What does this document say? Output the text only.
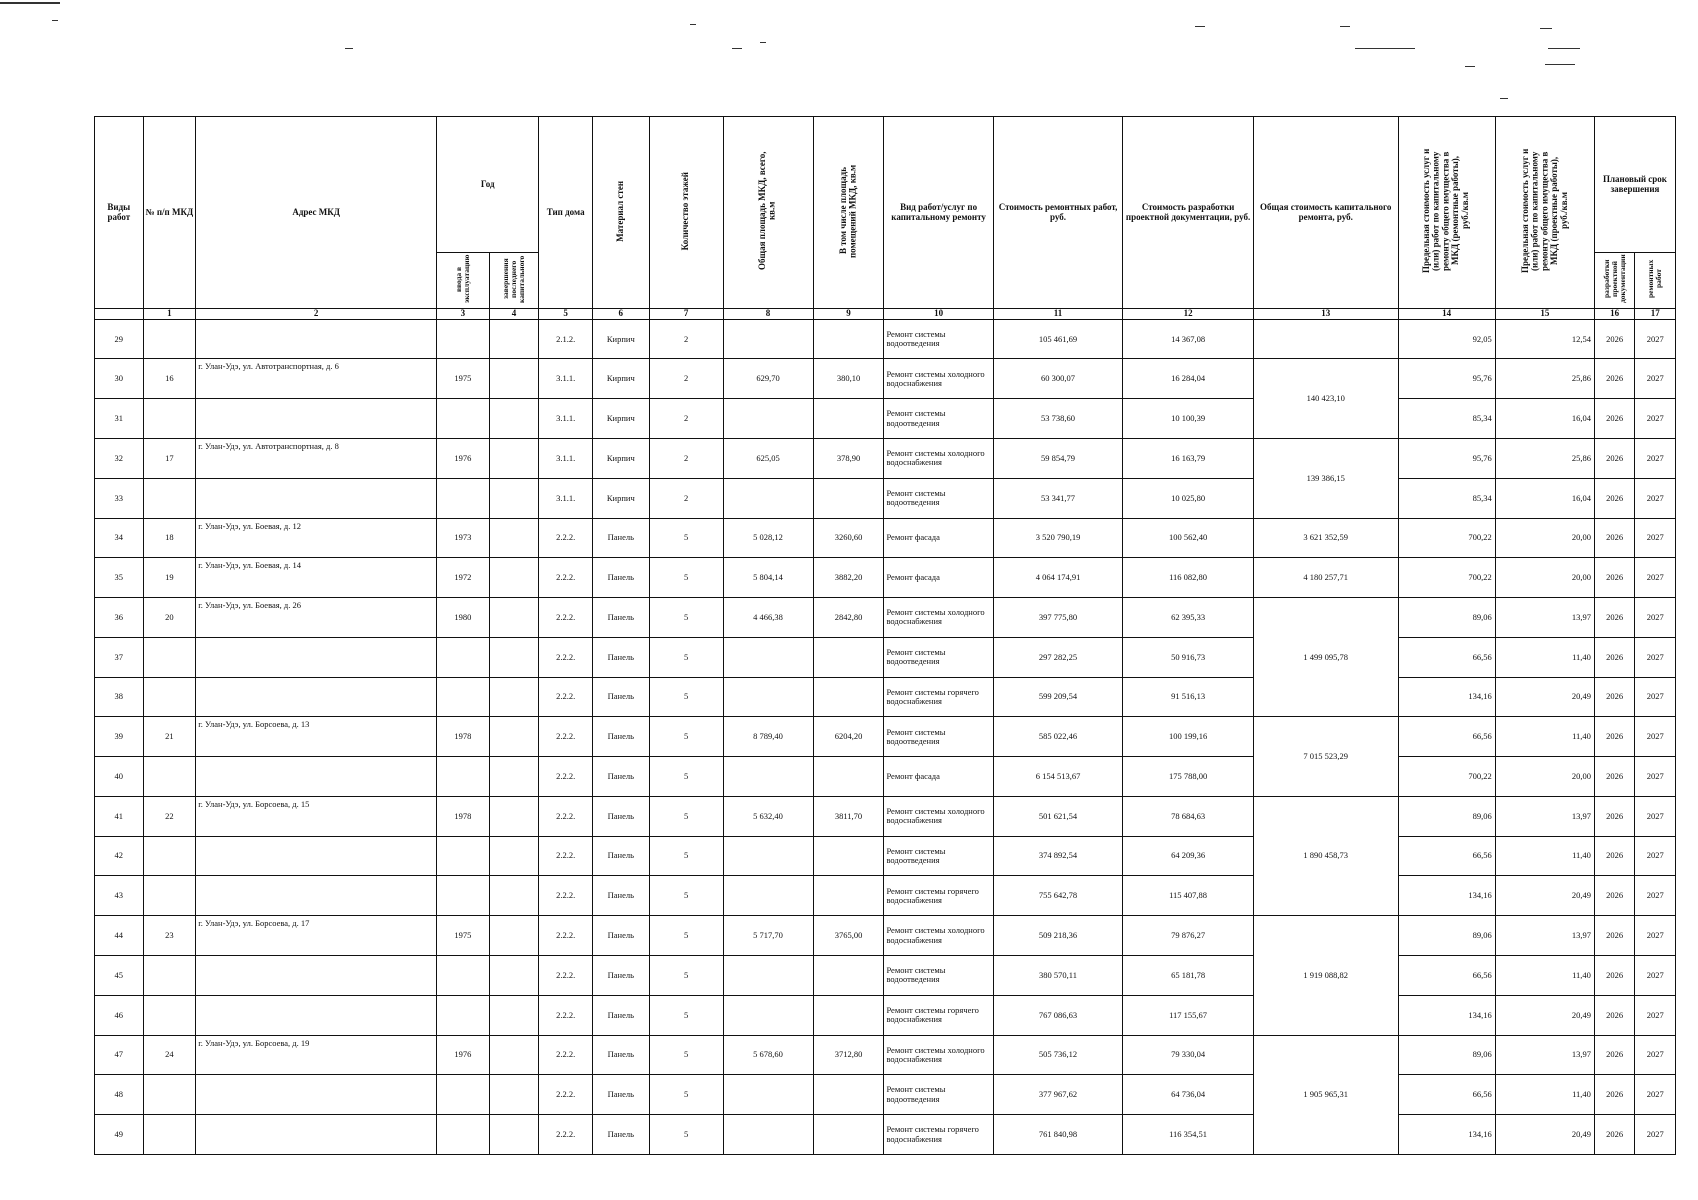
Виды работ	№ п/п МКД	Адрес МКД	Год		Тип дома	Материал стен	Количество этажей	Общая площадь МКД, всего, кв.м	В том числе площадь помещений МКД, кв.м	Вид работ/услуг по капитальному ремонту	Стоимость ремонтных работ, руб.	Стоимость разработки проектной документации, руб.	Общая стоимость капитального ремонта, руб.	Предельная стоимость услуг и (или) работ по капитальному ремонту общего имущества в МКД (ремонтные работы), руб./кв.м	Предельная стоимость услуг и (или) работ по капитальному ремонту общего имущества в МКД (проектные работы), руб./кв.м	Плановый срок завершения	
			ввода в эксплуатацию	завершения последнего капитального												разработки проектной документации	ремонтных работ
	1	2	3	4	5	6	7	8	9	10	11	12	13	14	15	16	17
29					2.1.2.	Кирпич	2			Ремонт системы водоотведения	105 461,69	14 367,08		92,05	12,54	2026	2027
30	16	г. Улан-Удэ, ул. Автотранспортная, д. 6	1975		3.1.1.	Кирпич	2	629,70	380,10	Ремонт системы холодного водоснабжения	60 300,07	16 284,04	140 423,10	95,76	25,86	2026	2027
31					3.1.1.	Кирпич	2			Ремонт системы водоотведения	53 738,60	10 100,39		85,34	16,04	2026	2027
32	17	г. Улан-Удэ, ул. Автотранспортная, д. 8	1976		3.1.1.	Кирпич	2	625,05	378,90	Ремонт системы холодного водоснабжения	59 854,79	16 163,79	139 386,15	95,76	25,86	2026	2027
33					3.1.1.	Кирпич	2			Ремонт системы водоотведения	53 341,77	10 025,80		85,34	16,04	2026	2027
34	18	г. Улан-Удэ, ул. Боевая, д. 12	1973		2.2.2.	Панель	5	5 028,12	3260,60	Ремонт фасада	3 520 790,19	100 562,40	3 621 352,59	700,22	20,00	2026	2027
35	19	г. Улан-Удэ, ул. Боевая, д. 14	1972		2.2.2.	Панель	5	5 804,14	3882,20	Ремонт фасада	4 064 174,91	116 082,80	4 180 257,71	700,22	20,00	2026	2027
36	20	г. Улан-Удэ, ул. Боевая, д. 26	1980		2.2.2.	Панель	5	4 466,38	2842,80	Ремонт системы холодного водоснабжения	397 775,80	62 395,33	1 499 095,78	89,06	13,97	2026	2027
37					2.2.2.	Панель	5			Ремонт системы водоотведения	297 282,25	50 916,73		66,56	11,40	2026	2027
38					2.2.2.	Панель	5			Ремонт системы горячего водоснабжения	599 209,54	91 516,13		134,16	20,49	2026	2027
39	21	г. Улан-Удэ, ул. Борсоева, д. 13	1978		2.2.2.	Панель	5	8 789,40	6204,20	Ремонт системы водоотведения	585 022,46	100 199,16	7 015 523,29	66,56	11,40	2026	2027
40					2.2.2.	Панель	5			Ремонт фасада	6 154 513,67	175 788,00		700,22	20,00	2026	2027
41	22	г. Улан-Удэ, ул. Борсоева, д. 15	1978		2.2.2.	Панель	5	5 632,40	3811,70	Ремонт системы холодного водоснабжения	501 621,54	78 684,63	1 890 458,73	89,06	13,97	2026	2027
42					2.2.2.	Панель	5			Ремонт системы водоотведения	374 892,54	64 209,36		66,56	11,40	2026	2027
43					2.2.2.	Панель	5			Ремонт системы горячего водоснабжения	755 642,78	115 407,88		134,16	20,49	2026	2027
44	23	г. Улан-Удэ, ул. Борсоева, д. 17	1975		2.2.2.	Панель	5	5 717,70	3765,00	Ремонт системы холодного водоснабжения	509 218,36	79 876,27	1 919 088,82	89,06	13,97	2026	2027
45					2.2.2.	Панель	5			Ремонт системы водоотведения	380 570,11	65 181,78		66,56	11,40	2026	2027
46					2.2.2.	Панель	5			Ремонт системы горячего водоснабжения	767 086,63	117 155,67		134,16	20,49	2026	2027
47	24	г. Улан-Удэ, ул. Борсоева, д. 19	1976		2.2.2.	Панель	5	5 678,60	3712,80	Ремонт системы холодного водоснабжения	505 736,12	79 330,04	1 905 965,31	89,06	13,97	2026	2027
48					2.2.2.	Панель	5			Ремонт системы водоотведения	377 967,62	64 736,04		66,56	11,40	2026	2027
49					2.2.2.	Панель	5			Ремонт системы горячего водоснабжения	761 840,98	116 354,51		134,16	20,49	2026	2027
